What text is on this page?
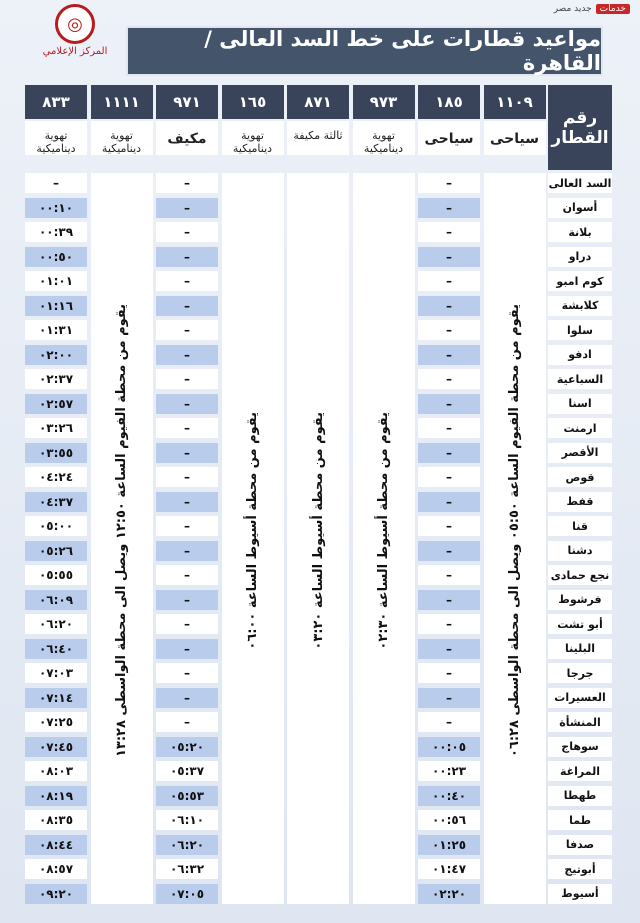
خدمات
جديد مصر
◎
المركز الإعلامي
مواعيد قطارات على خط السد العالى / القاهرة
رقم القطار
٨٣٣
تهوية ديناميكية
١١١١
تهوية ديناميكية
٩٧١
مكيف
١٦٥
تهوية ديناميكية
٨٧١
ثالثة مكيفة
٩٧٣
تهوية ديناميكية
١٨٥
سياحى
١١٠٩
سياحى
يقوم من محطة الفيوم الساعة ٠٥:٥٠ ويصل الى محطة الواسطى ٠٦:٢٨
يقوم من محطة أسيوط الساعة ٠٢:٣٠
يقوم من محطة أسيوط الساعة ٠٣:٢٠
يقوم من محطة أسيوط الساعة ٠٦:٠٠
يقوم من محطة الفيوم الساعة ١٢:٥٠ ويصل الى محطة الواسطى ١٣:٢٨
السد العالى
–
–
–
أسوان
–
–
٠٠:١٠
بلانة
–
–
٠٠:٣٩
دراو
–
–
٠٠:٥٠
كوم امبو
–
–
٠١:٠١
كلابشة
–
–
٠١:١٦
سلوا
–
–
٠١:٣١
ادفو
–
–
٠٢:٠٠
السباعية
–
–
٠٢:٣٧
اسنا
–
–
٠٢:٥٧
ارمنت
–
–
٠٣:٢٦
الأقصر
–
–
٠٣:٥٥
قوص
–
–
٠٤:٢٤
قفط
–
–
٠٤:٣٧
قنا
–
–
٠٥:٠٠
دشنا
–
–
٠٥:٢٦
نجع حمادى
–
–
٠٥:٥٥
فرشوط
–
–
٠٦:٠٩
أبو تشت
–
–
٠٦:٢٠
البلينا
–
–
٠٦:٤٠
جرجا
–
–
٠٧:٠٣
العسيرات
–
–
٠٧:١٤
المنشأة
–
–
٠٧:٢٥
سوهاج
٠٠:٠٥
٠٥:٢٠
٠٧:٤٥
المراغة
٠٠:٢٣
٠٥:٣٧
٠٨:٠٣
طهطا
٠٠:٤٠
٠٥:٥٣
٠٨:١٩
طما
٠٠:٥٦
٠٦:١٠
٠٨:٣٥
صدفا
٠١:٢٥
٠٦:٢٠
٠٨:٤٤
أبوتيج
٠١:٤٧
٠٦:٣٢
٠٨:٥٧
أسيوط
٠٢:٢٠
٠٧:٠٥
٠٩:٢٠
